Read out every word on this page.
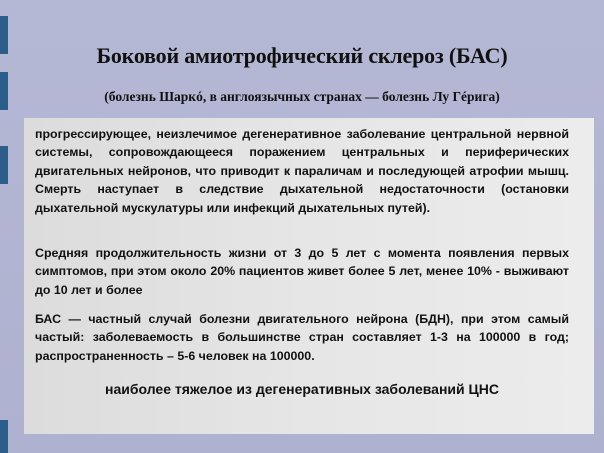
Боковой амиотрофический склероз (БАС)
(болезнь Шаркó, в англоязычных странах — болезнь Лу Гéрига)
прогрессирующее, неизлечимое дегенеративное заболевание центральной нервной системы, сопровождающееся поражением центральных и периферических двигательных нейронов, что приводит к параличам и последующей атрофии мышц. Смерть наступает в следствие дыхательной недостаточности (остановки дыхательной мускулатуры или инфекций дыхательных путей).
Средняя продолжительность жизни от 3 до 5 лет с момента появления первых симптомов, при этом около 20% пациентов живет более 5 лет, менее 10% - выживают до 10 лет и более
БАС — частный случай болезни двигательного нейрона (БДН), при этом самый частый: заболеваемость в большинстве стран составляет 1-3 на 100000 в год; распространенность – 5-6 человек на 100000.
наиболее тяжелое из дегенеративных заболеваний ЦНС
